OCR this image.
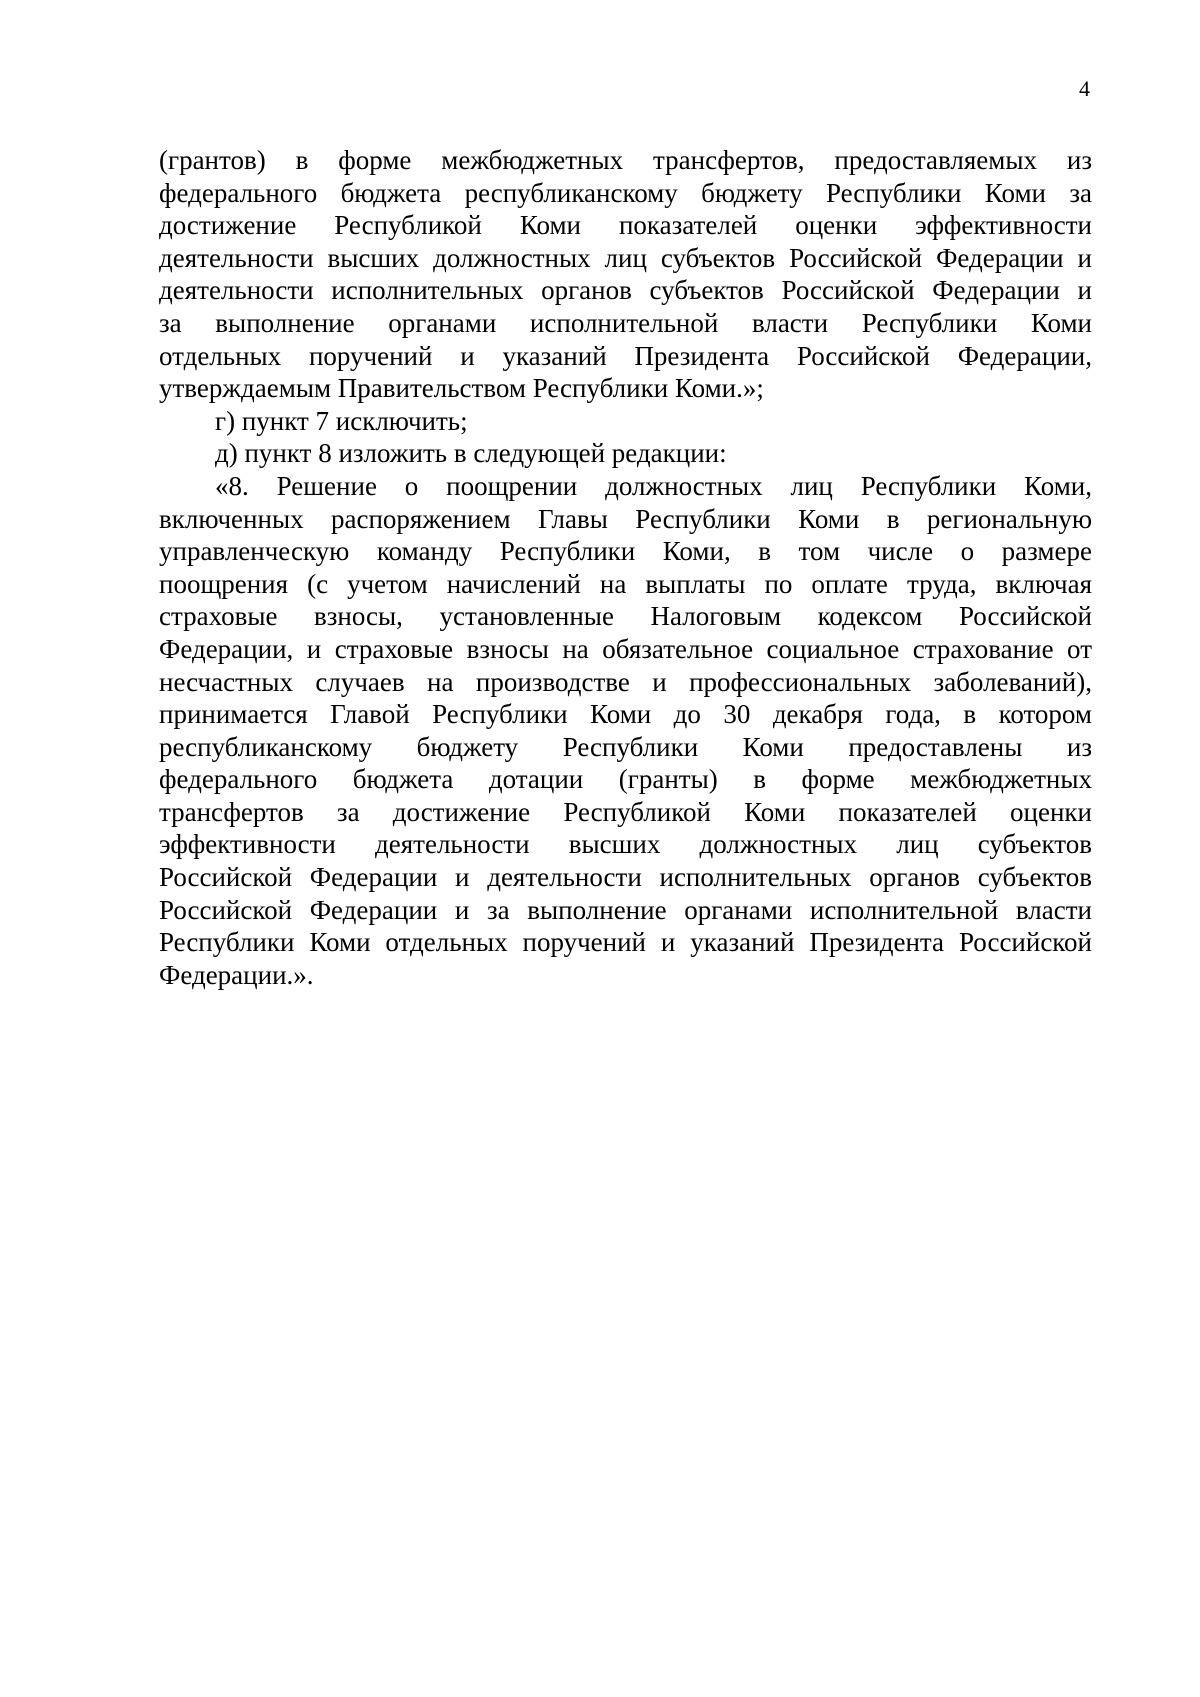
4
(грантов) в форме межбюджетных трансфертов, предоставляемых из
федерального бюджета республиканскому бюджету Республики Коми за
достижение Республикой Коми показателей оценки эффективности
деятельности высших должностных лиц субъектов Российской Федерации и
деятельности исполнительных органов субъектов Российской Федерации и
за выполнение органами исполнительной власти Республики Коми
отдельных поручений и указаний Президента Российской Федерации,
утверждаемым Правительством Республики Коми.»;
г) пункт 7 исключить;
д) пункт 8 изложить в следующей редакции:
«8. Решение о поощрении должностных лиц Республики Коми,
включенных распоряжением Главы Республики Коми в региональную
управленческую команду Республики Коми, в том числе о размере
поощрения (с учетом начислений на выплаты по оплате труда, включая
страховые взносы, установленные Налоговым кодексом Российской
Федерации, и страховые взносы на обязательное социальное страхование от
несчастных случаев на производстве и профессиональных заболеваний),
принимается Главой Республики Коми до 30 декабря года, в котором
республиканскому бюджету Республики Коми предоставлены из
федерального бюджета дотации (гранты) в форме межбюджетных
трансфертов за достижение Республикой Коми показателей оценки
эффективности деятельности высших должностных лиц субъектов
Российской Федерации и деятельности исполнительных органов субъектов
Российской Федерации и за выполнение органами исполнительной власти
Республики Коми отдельных поручений и указаний Президента Российской
Федерации.».
